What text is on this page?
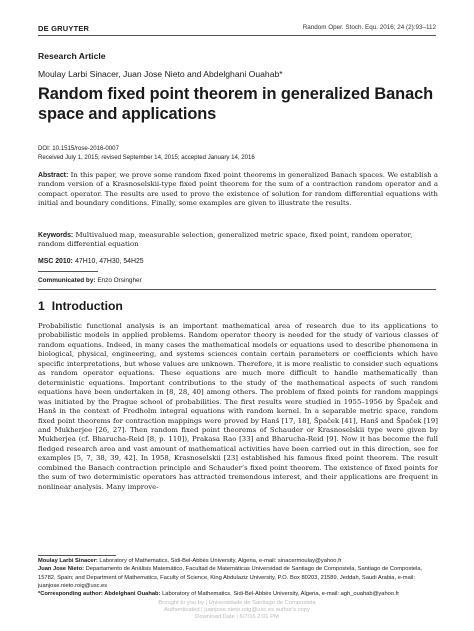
DE GRUYTER	Random Oper. Stoch. Equ. 2016; 24 (2):93–112
Research Article
Moulay Larbi Sinacer, Juan Jose Nieto and Abdelghani Ouahab*
Random fixed point theorem in generalized Banach space and applications
DOI: 10.1515/rose-2016-0007
Received July 1, 2015; revised September 14, 2015; accepted January 14, 2016
Abstract: In this paper, we prove some random fixed point theorems in generalized Banach spaces. We establish a random version of a Krasnoselskii-type fixed point theorem for the sum of a contraction random operator and a compact operator. The results are used to prove the existence of solution for random differential equations with initial and boundary conditions. Finally, some examples are given to illustrate the results.
Keywords: Multivalued map, measurable selection, generalized metric space, fixed point, random operator, random differential equation
MSC 2010: 47H10, 47H30, 54H25
Communicated by: Enzo Orsingher
1 Introduction
Probabilistic functional analysis is an important mathematical area of research due to its applications to probabilistic models in applied problems. Random operator theory is needed for the study of various classes of random equations. Indeed, in many cases the mathematical models or equations used to describe phenomena in biological, physical, engineering, and systems sciences contain certain parameters or coefficients which have specific interpretations, but whose values are unknown. Therefore, it is more realistic to consider such equations as random operator equations. These equations are much more difficult to handle mathematically than deterministic equations. Important contributions to the study of the mathematical aspects of such random equations have been undertaken in [8, 28, 40] among others. The problem of fixed points for random mappings was initiated by the Prague school of probabilities. The first results were studied in 1955–1956 by Špaček and Hanš in the context of Fredholm integral equations with random kernel. In a separable metric space, random fixed point theorems for contraction mappings were proved by Hanš [17, 18], Špaček [41], Hanš and Špaček [19] and Mukherjee [26, 27]. Then random fixed point theorems of Schauder or Krasnoselskii type were given by Mukherjea (cf. Bharucha-Reid [8, p. 110]), Prakasa Rao [33] and Bharucha-Reid [9]. Now it has become the full fledged research area and vast amount of mathematical activities have been carried out in this direction, see for examples [5, 7, 38, 39, 42]. In 1958, Krasnoselskii [23] established his famous fixed point theorem. The result combined the Banach contraction principle and Schauder’s fixed point theorem. The existence of fixed points for the sum of two deterministic operators has attracted tremendous interest, and their applications are frequent in nonlinear analysis. Many improve-
Moulay Larbi Sinacer: Laboratory of Mathematics, Sidi-Bel-Abbès University, Algeria, e-mail: sinacermoulay@yahoo.fr
Juan Jose Nieto: Departamento de Análisis Matemático, Facultad de Matemáticas Universidad de Santiago de Compostela, Santiago de Compostela, 15782, Spain; and Department of Mathematics, Faculty of Science, King Abdulaziz University, P.O. Box 80203, 21589, Jeddah, Saudi Arabia, e-mail: juanjose.nieto.roig@usc.es
*Corresponding author: Abdelghani Ouahab: Laboratory of Mathematics, Sidi-Bel-Abbès University, Algeria, e-mail: agh_ouahab@yahoo.fr
Brought to you by | Universidade de Santiago de Compostela
Authenticated | juanjose.nieto.roig@usc.es author's copy
Download Date | 6/7/16 2:01 PM
